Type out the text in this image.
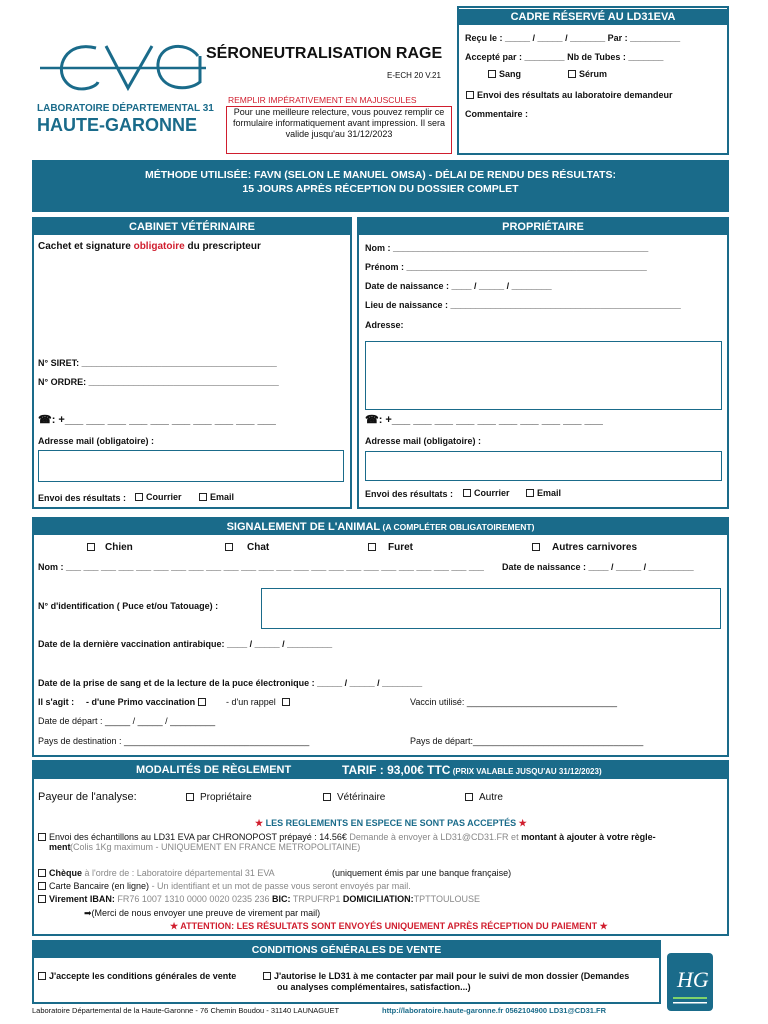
LABORATOIRE DÉPARTEMENTAL 31
HAUTE-GARONNE
SÉRONEUTRALISATION RAGE
E-ECH 20 V.21
REMPLIR IMPÉRATIVEMENT EN MAJUSCULES
Pour une meilleure relecture, vous pouvez remplir ce formulaire informatiquement avant impression. Il sera valide jusqu'au 31/12/2023
CADRE RÉSERVÉ AU LD31EVA
Reçu le : _____ / _____ / _______ Par : __________
Accepté par : ________ Nb de Tubes : _______
Sang	Sérum
Envoi des résultats au laboratoire demandeur
Commentaire :
MÉTHODE UTILISÉE: FAVN (SELON LE MANUEL OMSA) - DÉLAI DE RENDU DES RÉSULTATS:
15 JOURS APRÈS RÉCEPTION DU DOSSIER COMPLET
CABINET VÉTÉRINAIRE
Cachet et signature obligatoire du prescripteur
N° SIRET: _______________________________________
N° ORDRE: ______________________________________
☎: +___ ___ ___ ___ ___ ___ ___ ___ ___ ___
Adresse mail (obligatoire) :
Envoi des résultats :	Courrier	Email
PROPRIÉTAIRE
Nom : ___________________________________________________
Prénom : ________________________________________________
Date de naissance : ____ / _____ / ________
Lieu de naissance : ______________________________________________
Adresse:
☎: +___ ___ ___ ___ ___ ___ ___ ___ ___ ___
Adresse mail (obligatoire) :
Envoi des résultats :	Courrier	Email
SIGNALEMENT DE L'ANIMAL (A COMPLÉTER OBLIGATOIREMENT)
Chien	Chat	Furet	Autres carnivores
Nom : ___ ___ ___ ___ ___ ___ ___ ___ ___ ___ ___ ___ ___ ___ ___ ___ ___ ___ ___ ___ ___ ___ ___ ___ Date de naissance : ____ / _____ / _________
N° d'identification ( Puce et/ou Tatouage) :
Date de la dernière vaccination antirabique: ____ / _____ / _________
Date de la prise de sang et de la lecture de la puce électronique : _____ / _____ / ________
Il s'agit : - d'une Primo vaccination	- d'un rappel	Vaccin utilisé: ______________________________
Date de départ : _____ / _____ / _________
Pays de destination : _____________________________________	Pays de départ:__________________________________
MODALITÉS DE RÈGLEMENT	TARIF : 93,00€ TTC (PRIX VALABLE JUSQU'AU 31/12/2023)
Payeur de l'analyse:	Propriétaire	Vétérinaire	Autre
★ LES REGLEMENTS EN ESPECE NE SONT PAS ACCEPTÉS ★
Envoi des échantillons au LD31 EVA par CHRONOPOST prépayé : 14.56€ Demande à envoyer à LD31@CD31.FR et montant à ajouter à votre règle-
ment (Colis 1Kg maximum - UNIQUEMENT EN FRANCE METROPOLITAINE)
Chèque à l'ordre de : Laboratoire départemental 31 EVA	(uniquement émis par une banque française)
Carte Bancaire (en ligne) - Un identifiant et un mot de passe vous seront envoyés par mail.
Virement IBAN: FR76 1007 1310 0000 0020 0235 236 BIC: TRPUFRP1 DOMICILIATION:TPTTOULOUSE
➡(Merci de nous envoyer une preuve de virement par mail)
★ ATTENTION: LES RÉSULTATS SONT ENVOYÉS UNIQUEMENT APRÈS RÉCEPTION DU PAIEMENT ★
CONDITIONS GÉNÉRALES DE VENTE
J'accepte les conditions générales de vente	J'autorise le LD31 à me contacter par mail pour le suivi de mon dossier (Demandes
ou analyses complémentaires, satisfaction...)	HG
Laboratoire Départemental de la Haute-Garonne - 76 Chemin Boudou - 31140 LAUNAGUET	http://laboratoire.haute-garonne.fr 0562104900 LD31@CD31.FR
